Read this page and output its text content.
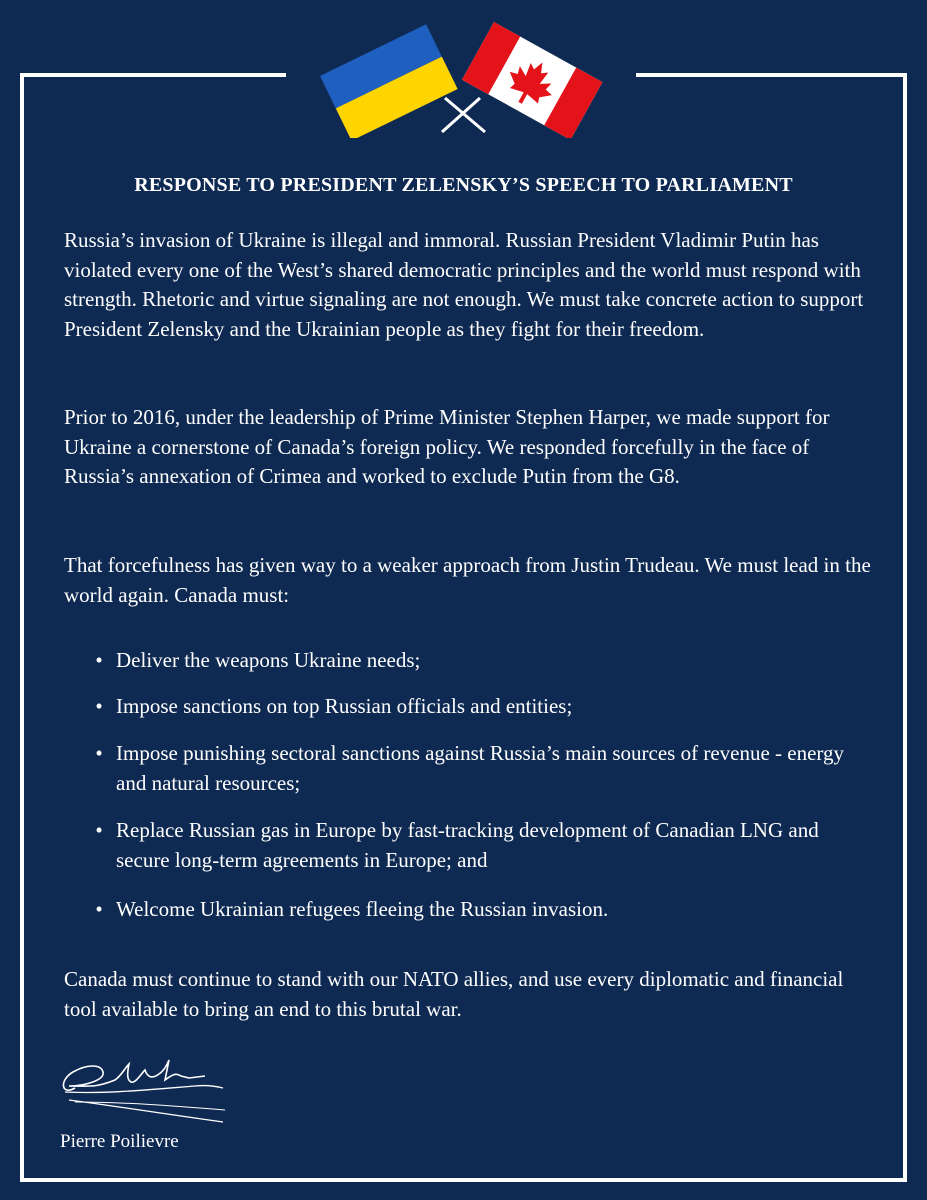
RESPONSE TO PRESIDENT ZELENSKY’S SPEECH TO PARLIAMENT

Russia’s invasion of Ukraine is illegal and immoral. Russian President Vladimir Putin has violated every one of the West’s shared democratic principles and the world must respond with strength. Rhetoric and virtue signaling are not enough. We must take concrete action to support President Zelensky and the Ukrainian people as they fight for their freedom.

Prior to 2016, under the leadership of Prime Minister Stephen Harper, we made support for Ukraine a cornerstone of Canada’s foreign policy. We responded forcefully in the face of Russia’s annexation of Crimea and worked to exclude Putin from the G8.

That forcefulness has given way to a weaker approach from Justin Trudeau. We must lead in the world again. Canada must:

• Deliver the weapons Ukraine needs;
• Impose sanctions on top Russian officials and entities;
• Impose punishing sectoral sanctions against Russia’s main sources of revenue - energy and natural resources;
• Replace Russian gas in Europe by fast-tracking development of Canadian LNG and secure long-term agreements in Europe; and
• Welcome Ukrainian refugees fleeing the Russian invasion.

Canada must continue to stand with our NATO allies, and use every diplomatic and financial tool available to bring an end to this brutal war.

Pierre Poilievre
